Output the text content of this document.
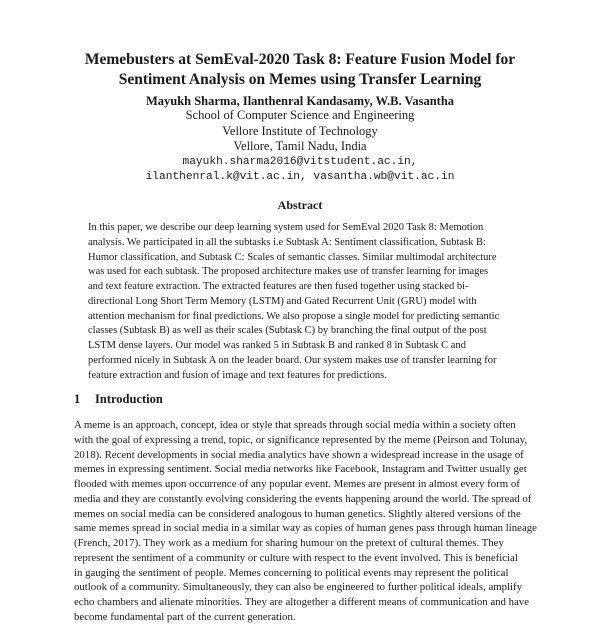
Memebusters at SemEval-2020 Task 8: Feature Fusion Model for
Sentiment Analysis on Memes using Transfer Learning
Mayukh Sharma, Ilanthenral Kandasamy, W.B. Vasantha
School of Computer Science and Engineering
Vellore Institute of Technology
Vellore, Tamil Nadu, India
mayukh.sharma2016@vitstudent.ac.in,
ilanthenral.k@vit.ac.in, vasantha.wb@vit.ac.in
Abstract
In this paper, we describe our deep learning system used for SemEval 2020 Task 8: Memotion
analysis. We participated in all the subtasks i.e Subtask A: Sentiment classification, Subtask B:
Humor classification, and Subtask C: Scales of semantic classes. Similar multimodal architecture
was used for each subtask. The proposed architecture makes use of transfer learning for images
and text feature extraction. The extracted features are then fused together using stacked bi-
directional Long Short Term Memory (LSTM) and Gated Recurrent Unit (GRU) model with
attention mechanism for final predictions. We also propose a single model for predicting semantic
classes (Subtask B) as well as their scales (Subtask C) by branching the final output of the post
LSTM dense layers. Our model was ranked 5 in Subtask B and ranked 8 in Subtask C and
performed nicely in Subtask A on the leader board. Our system makes use of transfer learning for
feature extraction and fusion of image and text features for predictions.
1 Introduction
A meme is an approach, concept, idea or style that spreads through social media within a society often
with the goal of expressing a trend, topic, or significance represented by the meme (Peirson and Tolunay,
2018). Recent developments in social media analytics have shown a widespread increase in the usage of
memes in expressing sentiment. Social media networks like Facebook, Instagram and Twitter usually get
flooded with memes upon occurrence of any popular event. Memes are present in almost every form of
media and they are constantly evolving considering the events happening around the world. The spread of
memes on social media can be considered analogous to human genetics. Slightly altered versions of the
same memes spread in social media in a similar way as copies of human genes pass through human lineage
(French, 2017). They work as a medium for sharing humour on the pretext of cultural themes. They
represent the sentiment of a community or culture with respect to the event involved. This is beneficial
in gauging the sentiment of people. Memes concerning to political events may represent the political
outlook of a community. Simultaneously, they can also be engineered to further political ideals, amplify
echo chambers and alienate minorities. They are altogether a different means of communication and have
become fundamental part of the current generation.
